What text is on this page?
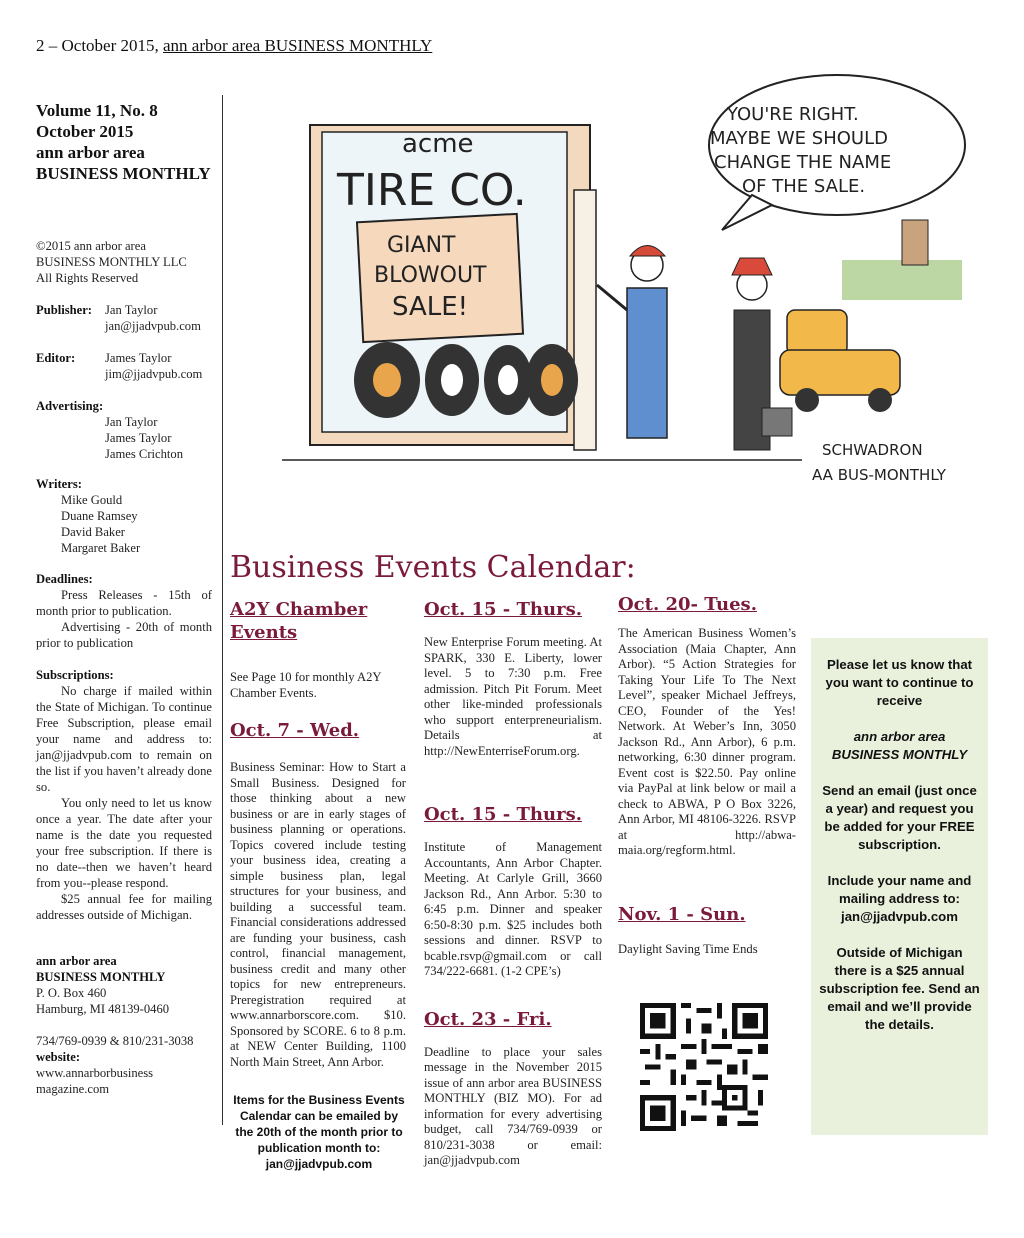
2 – October 2015, ann arbor area BUSINESS MONTHLY
Volume 11, No. 8
October 2015
ann arbor area
BUSINESS MONTHLY

©2015 ann arbor area

BUSINESS MONTHLY LLC

All Rights Reserved

Publisher: Jan Taylor

jan@jjadvpub.com

Editor: James Taylor

jim@jjadvpub.com

Advertising:

Jan Taylor

James Taylor

James Crichton

Writers:

Mike Gould

Duane Ramsey

David Baker

Margaret Baker

Deadlines:

Press Releases - 15th of month prior to publication.

Advertising - 20th of month prior to publication

Subscriptions:

No charge if mailed within the State of Michigan. To continue Free Subscription, please email your name and address to: jan@jjadvpub.com to remain on the list if you haven’t already done so.

You only need to let us know once a year. The date after your name is the date you requested your free subscription. If there is no date--then we haven’t heard from you--please respond.

$25 annual fee for mailing addresses outside of Michigan.

ann arbor area

BUSINESS MONTHLY

P. O. Box 460

Hamburg, MI 48139-0460

734/769-0939 & 810/231-3038

website:

www.annarborbusiness magazine.com

acme
TIRE CO.
GIANT
BLOWOUT
SALE!
YOU'RE RIGHT.
MAYBE WE SHOULD
CHANGE THE NAME
OF THE SALE.
SCHWADRON
AA BUS-MONTHLY
Business Events Calendar:
A2Y Chamber Events

See Page 10 for monthly A2Y Chamber Events.

Oct. 7 - Wed.

Business Seminar: How to Start a Small Business. Designed for those thinking about a new business or are in early stages of business planning or operations. Topics covered include testing your business idea, creating a simple business plan, legal structures for your business, and building a successful team. Financial considerations addressed are funding your business, cash control, financial management, business credit and many other topics for new entrepreneurs. Preregistration required at www.annarborscore.com. $10. Sponsored by SCORE. 6 to 8 p.m. at NEW Center Building, 1100 North Main Street, Ann Arbor.

Items for the Business Events Calendar can be emailed by the 20th of the month prior to publication month to: jan@jjadvpub.com

Oct. 15 - Thurs.

New Enterprise Forum meeting. At SPARK, 330 E. Liberty, lower level. 5 to 7:30 p.m. Free admission. Pitch Pit Forum. Meet other like-minded professionals who support enterpreneurialism. Details at http://NewEnterriseForum.org.

Oct. 15 - Thurs.

Institute of Management Accountants, Ann Arbor Chapter. Meeting. At Carlyle Grill, 3660 Jackson Rd., Ann Arbor. 5:30 to 6:45 p.m. Dinner and speaker 6:50-8:30 p.m. $25 includes both sessions and dinner. RSVP to bcable.rsvp@gmail.com or call 734/222-6681. (1-2 CPE’s)

Oct. 23 - Fri.

Deadline to place your sales message in the November 2015 issue of ann arbor area BUSINESS MONTHLY (BIZ MO). For ad information for every advertising budget, call 734/769-0939 or 810/231-3038 or email: jan@jjadvpub.com

Oct. 20- Tues.

The American Business Women’s Association (Maia Chapter, Ann Arbor). “5 Action Strategies for Taking Your Life To The Next Level”, speaker Michael Jeffreys, CEO, Founder of the Yes! Network. At Weber’s Inn, 3050 Jackson Rd., Ann Arbor), 6 p.m. networking, 6:30 dinner program. Event cost is $22.50. Pay online via PayPal at link below or mail a check to ABWA, P O Box 3226, Ann Arbor, MI 48106-3226. RSVP at http://abwa-maia.org/regform.html.

Nov. 1 - Sun.

Daylight Saving Time Ends

Please let us know that you want to continue to receive

ann arbor area
BUSINESS MONTHLY

Send an email (just once a year) and request you be added for your FREE subscription.

Include your name and mailing address to: jan@jjadvpub.com

Outside of Michigan there is a $25 annual subscription fee. Send an email and we’ll provide the details.
